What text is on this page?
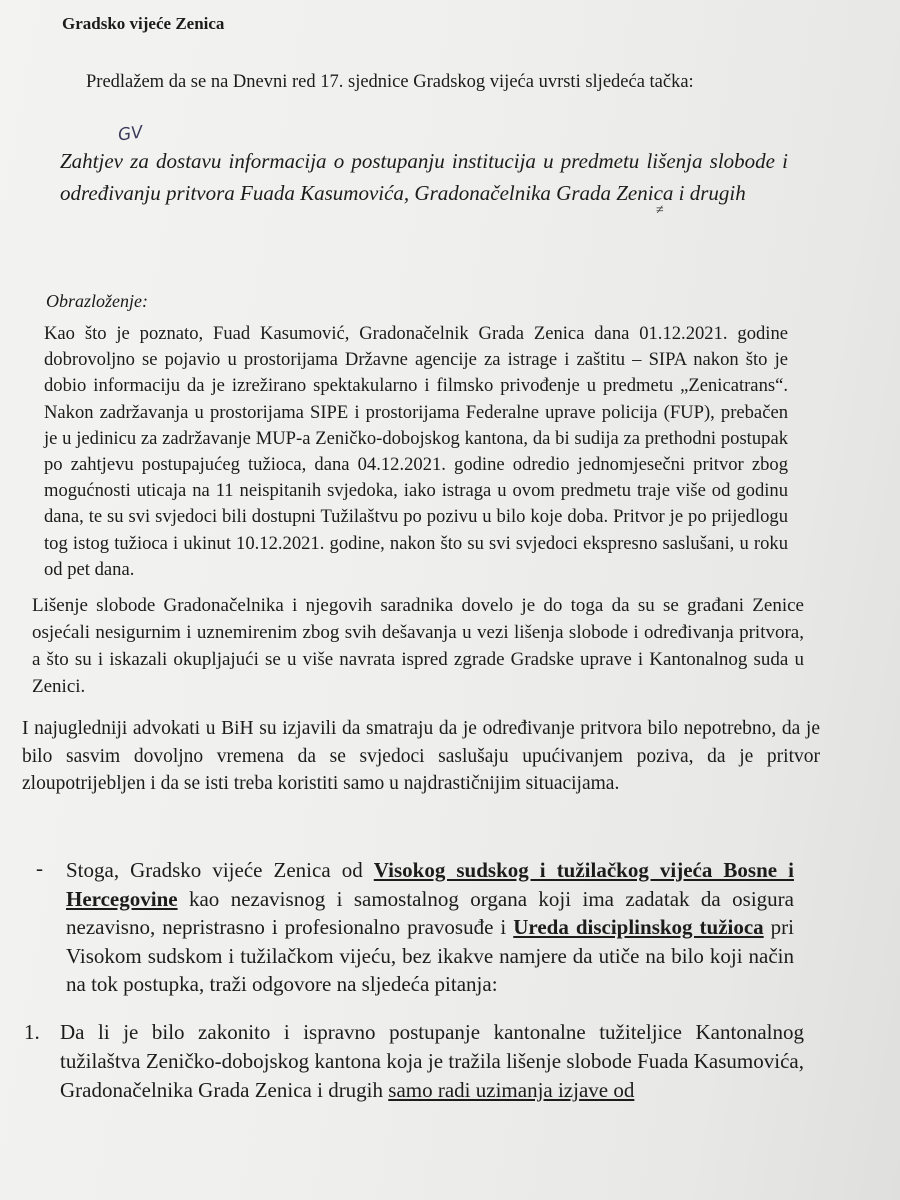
Gradsko vijeće Zenica

Predlažem da se na Dnevni red 17. sjednice Gradskog vijeća uvrsti sljedeća tačka:

GV

Zahtjev za dostavu informacija o postupanju institucija u predmetu lišenja slobode i određivanju pritvora Fuada Kasumovića, Gradonačelnika Grada Zenica i drugih

≠

Obrazloženje:

Kao što je poznato, Fuad Kasumović, Gradonačelnik Grada Zenica dana 01.12.2021. godine dobrovoljno se pojavio u prostorijama Državne agencije za istrage i zaštitu – SIPA nakon što je dobio informaciju da je izrežirano spektakularno i filmsko privođenje u predmetu „Zenicatrans“. Nakon zadržavanja u prostorijama SIPE i prostorijama Federalne uprave policija (FUP), prebačen je u jedinicu za zadržavanje MUP-a Zeničko-dobojskog kantona, da bi sudija za prethodni postupak po zahtjevu postupajućeg tužioca, dana 04.12.2021. godine odredio jednomjesečni pritvor zbog mogućnosti uticaja na 11 neispitanih svjedoka, iako istraga u ovom predmetu traje više od godinu dana, te su svi svjedoci bili dostupni Tužilaštvu po pozivu u bilo koje doba. Pritvor je po prijedlogu tog istog tužioca i ukinut 10.12.2021. godine, nakon što su svi svjedoci ekspresno saslušani, u roku od pet dana.

Lišenje slobode Gradonačelnika i njegovih saradnika dovelo je do toga da su se građani Zenice osjećali nesigurnim i uznemirenim zbog svih dešavanja u vezi lišenja slobode i određivanja pritvora, a što su i iskazali okupljajući se u više navrata ispred zgrade Gradske uprave i Kantonalnog suda u Zenici.

I najugledniji advokati u BiH su izjavili da smatraju da je određivanje pritvora bilo nepotrebno, da je bilo sasvim dovoljno vremena da se svjedoci saslušaju upućivanjem poziva, da je pritvor zloupotrijebljen i da se isti treba koristiti samo u najdrastičnijim situacijama.

- Stoga, Gradsko vijeće Zenica od Visokog sudskog i tužilačkog vijeća Bosne i Hercegovine kao nezavisnog i samostalnog organa koji ima zadatak da osigura nezavisno, nepristrasno i profesionalno pravosuđe i Ureda disciplinskog tužioca pri Visokom sudskom i tužilačkom vijeću, bez ikakve namjere da utiče na bilo koji način na tok postupka, traži odgovore na sljedeća pitanja:

1. Da li je bilo zakonito i ispravno postupanje kantonalne tužiteljice Kantonalnog tužilaštva Zeničko-dobojskog kantona koja je tražila lišenje slobode Fuada Kasumovića, Gradonačelnika Grada Zenica i drugih samo radi uzimanja izjave od
